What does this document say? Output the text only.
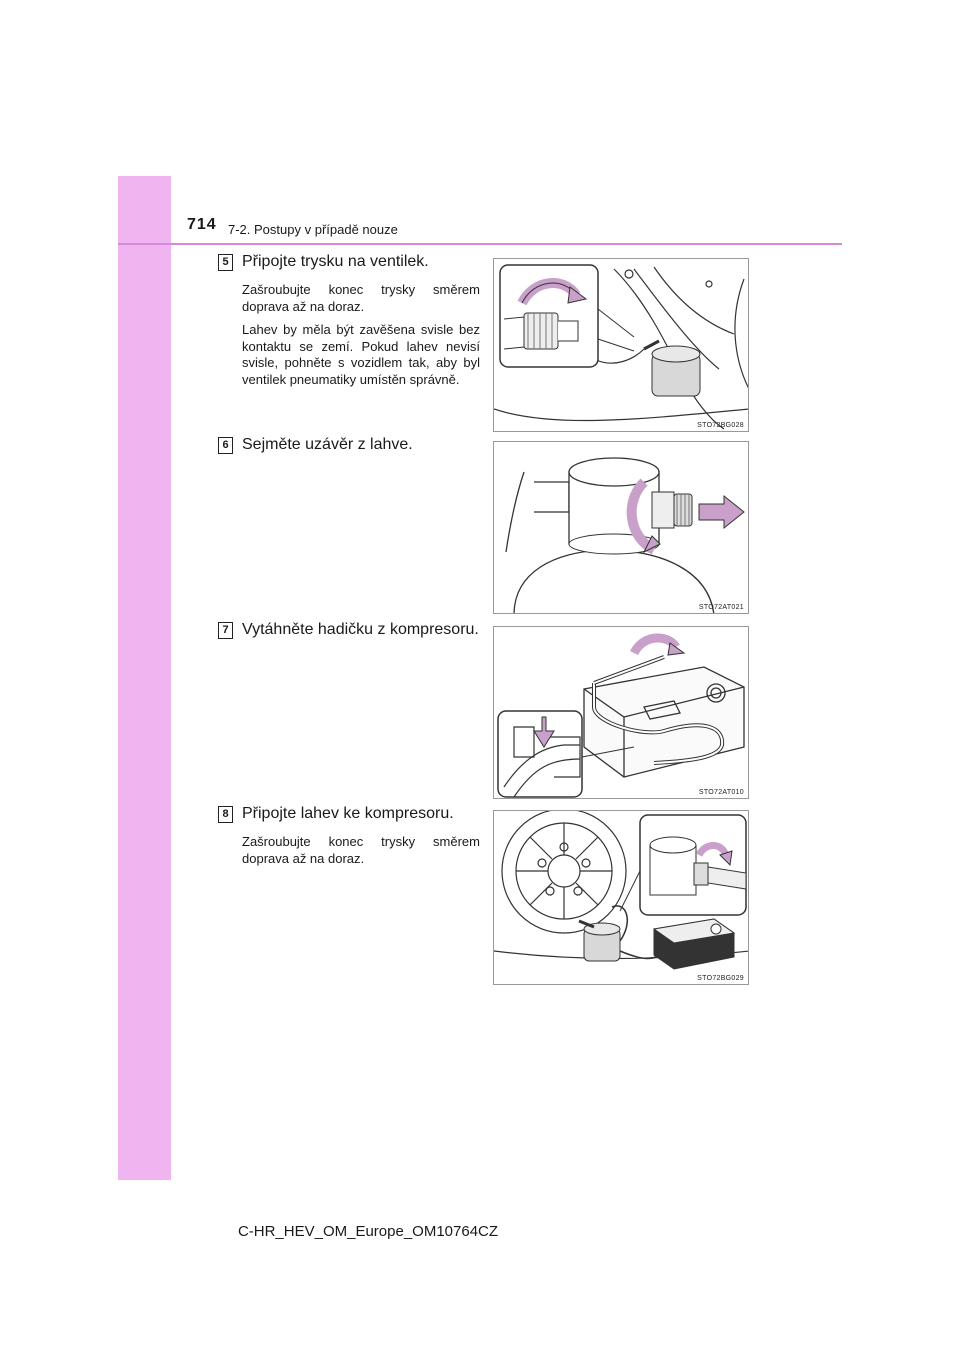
714 7-2. Postupy v případě nouze
5 Připojte trysku na ventilek.

Zašroubujte konec trysky směrem doprava až na doraz.

Lahev by měla být zavěšena svisle bez kontaktu se zemí. Pokud lahev nevisí svisle, pohněte s vozidlem tak, aby byl ventilek pneumatiky umístěn správně.

STO72BG028
6 Sejměte uzávěr z lahve.
STO72AT021
7 Vytáhněte hadičku z kompresoru.
STO72AT010
8 Připojte lahev ke kompresoru.

Zašroubujte konec trysky směrem doprava až na doraz.

STO72BG029
C-HR_HEV_OM_Europe_OM10764CZ
